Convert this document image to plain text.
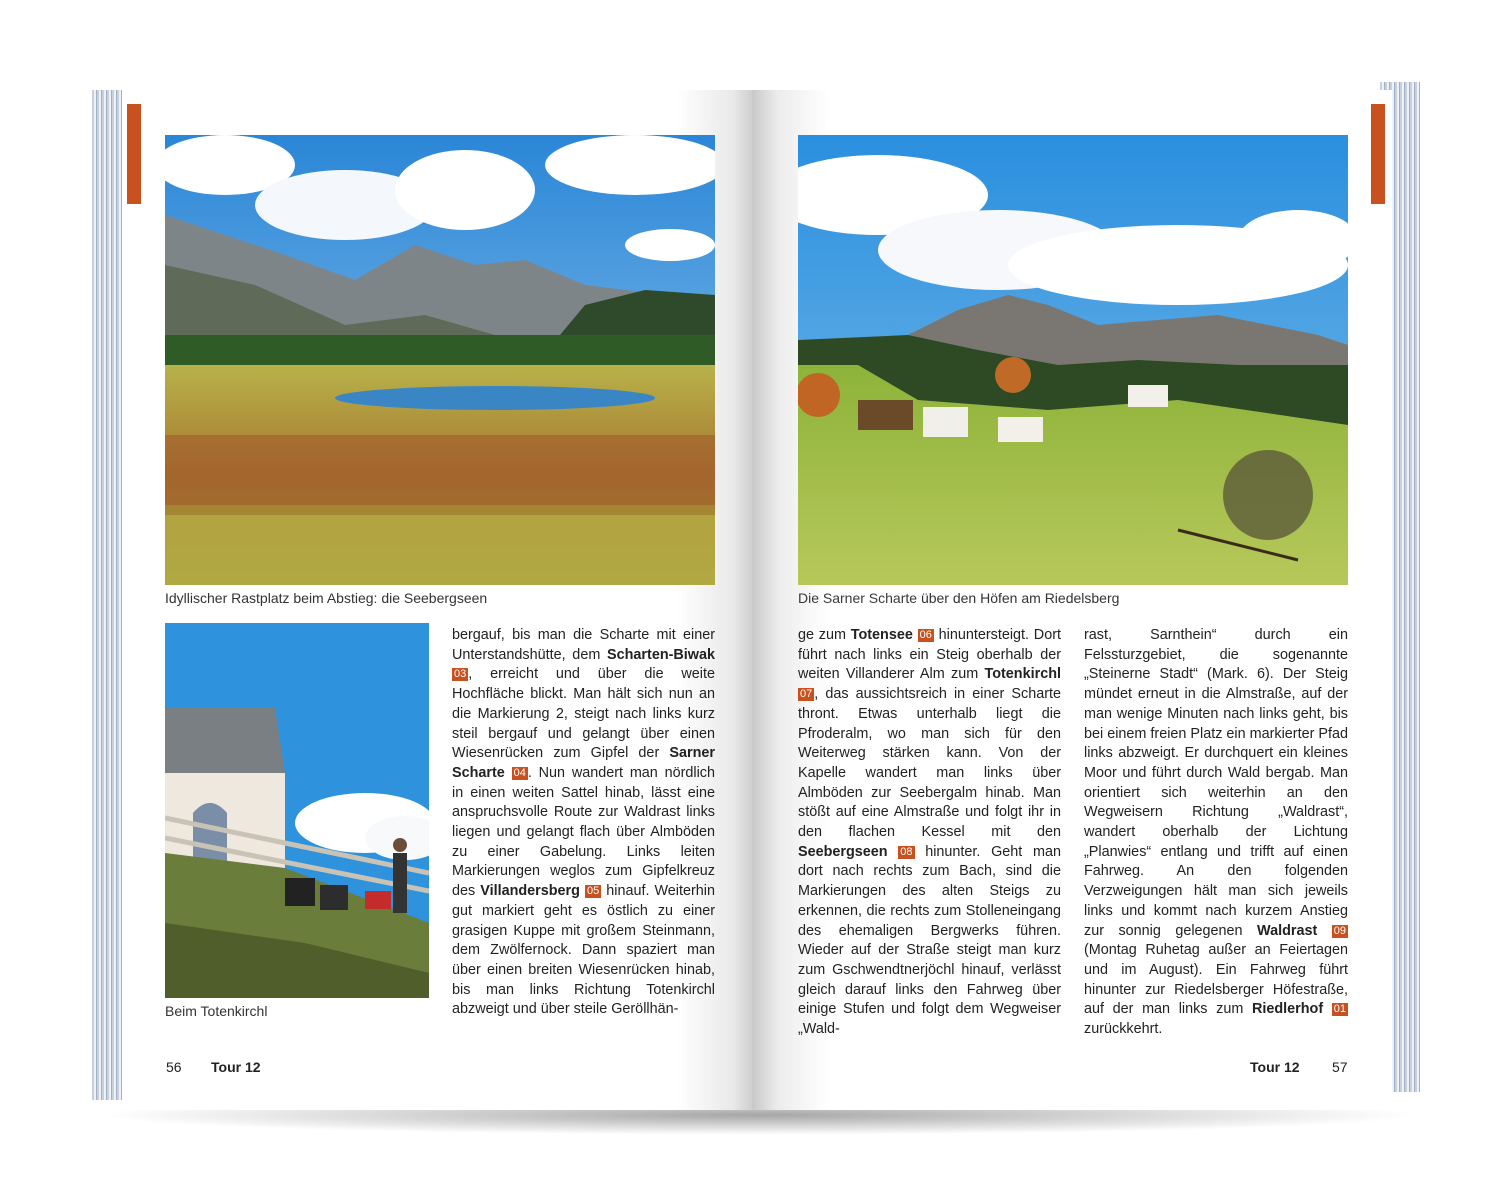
Idyllischer Rastplatz beim Abstieg: die Seebergseen
Beim Totenkirchl

bergauf, bis man die Scharte mit einer Unterstandshütte, dem Scharten-Biwak 03 , erreicht und über die weite Hochfläche blickt. Man hält sich nun an die Markierung 2, steigt nach links kurz steil bergauf und gelangt über einen Wiesenrücken zum Gipfel der Sarner Scharte 04 . Nun wandert man nördlich in einen weiten Sattel hinab, lässt eine anspruchsvolle Route zur Waldrast links liegen und gelangt flach über Almböden zu einer Gabelung. Links leiten Markierungen weglos zum Gipfelkreuz des Villandersberg 05 hinauf. Weiterhin gut markiert geht es östlich zu einer grasigen Kuppe mit großem Steinmann, dem Zwölfernock. Dann spaziert man über einen breiten Wiesenrücken hinab, bis man links Richtung Totenkirchl abzweigt und über steile Geröllhän-

56 Tour 12
Die Sarner Scharte über den Höfen am Riedelsberg

ge zum Totensee 06 hinuntersteigt. Dort führt nach links ein Steig oberhalb der weiten Villanderer Alm zum Totenkirchl 07 , das aussichtsreich in einer Scharte thront. Etwas unterhalb liegt die Pfroderalm, wo man sich für den Weiterweg stärken kann. Von der Kapelle wandert man links über Almböden zur Seebergalm hinab. Man stößt auf eine Almstraße und folgt ihr in den flachen Kessel mit den Seebergseen 08 hinunter. Geht man dort nach rechts zum Bach, sind die Markierungen des alten Steigs zu erkennen, die rechts zum Stolleneingang des ehemaligen Bergwerks führen. Wieder auf der Straße steigt man kurz zum Gschwendtnerjöchl hinauf, verlässt gleich darauf links den Fahrweg über einige Stufen und folgt dem Wegweiser „Wald-

rast, Sarnthein“ durch ein Felssturzgebiet, die sogenannte „Steinerne Stadt“ (Mark. 6). Der Steig mündet erneut in die Almstraße, auf der man wenige Minuten nach links geht, bis bei einem freien Platz ein markierter Pfad links abzweigt. Er durchquert ein kleines Moor und führt durch Wald bergab. Man orientiert sich weiterhin an den Wegweisern Richtung „Waldrast“, wandert oberhalb der Lichtung „Planwies“ entlang und trifft auf einen Fahrweg. An den folgenden Verzweigungen hält man sich jeweils links und kommt nach kurzem Anstieg zur sonnig gelegenen Waldrast 09 (Montag Ruhetag außer an Feiertagen und im August). Ein Fahrweg führt hinunter zur Riedelsberger Höfestraße, auf der man links zum Riedlerhof 01 zurückkehrt.

Tour 12 57
